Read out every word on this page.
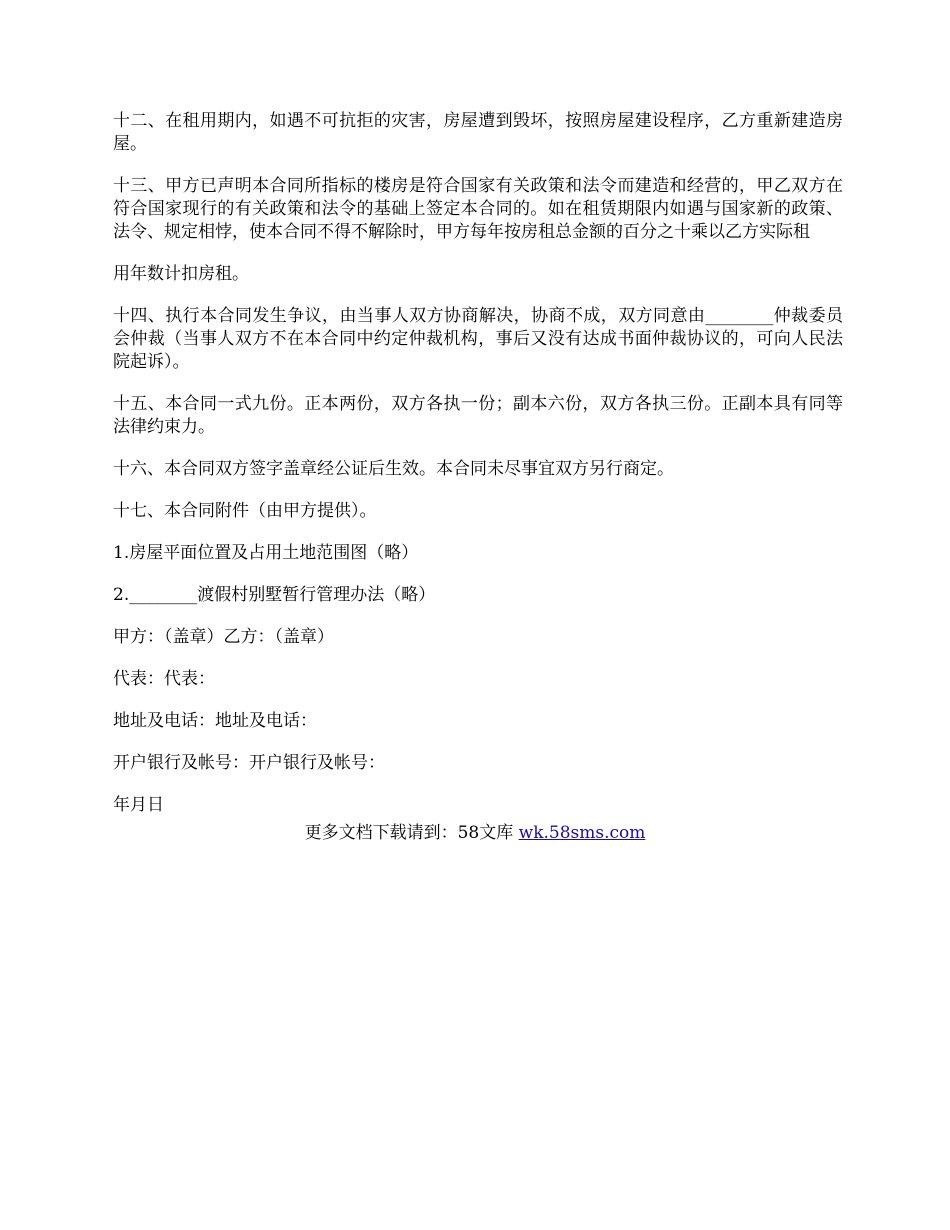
十二、在租用期内，如遇不可抗拒的灾害，房屋遭到毁坏，按照房屋建设程序，乙方重新建造房屋。

十三、甲方已声明本合同所指标的楼房是符合国家有关政策和法令而建造和经营的，甲乙双方在符合国家现行的有关政策和法令的基础上签定本合同的。如在租赁期限内如遇与国家新的政策、法令、规定相悖，使本合同不得不解除时，甲方每年按房租总金额的百分之十乘以乙方实际租

用年数计扣房租。

十四、执行本合同发生争议，由当事人双方协商解决，协商不成，双方同意由________仲裁委员会仲裁（当事人双方不在本合同中约定仲裁机构，事后又没有达成书面仲裁协议的，可向人民法院起诉）。

十五、本合同一式九份。正本两份，双方各执一份；副本六份，双方各执三份。正副本具有同等法律约束力。

十六、本合同双方签字盖章经公证后生效。本合同未尽事宜双方另行商定。

十七、本合同附件（由甲方提供）。

1.房屋平面位置及占用土地范围图（略）

2.________渡假村别墅暂行管理办法（略）

甲方：（盖章）乙方：（盖章）

代表：代表：

地址及电话：地址及电话：

开户银行及帐号：开户银行及帐号：

年月日

更多文档下载请到：58文库 wk.58sms.com
